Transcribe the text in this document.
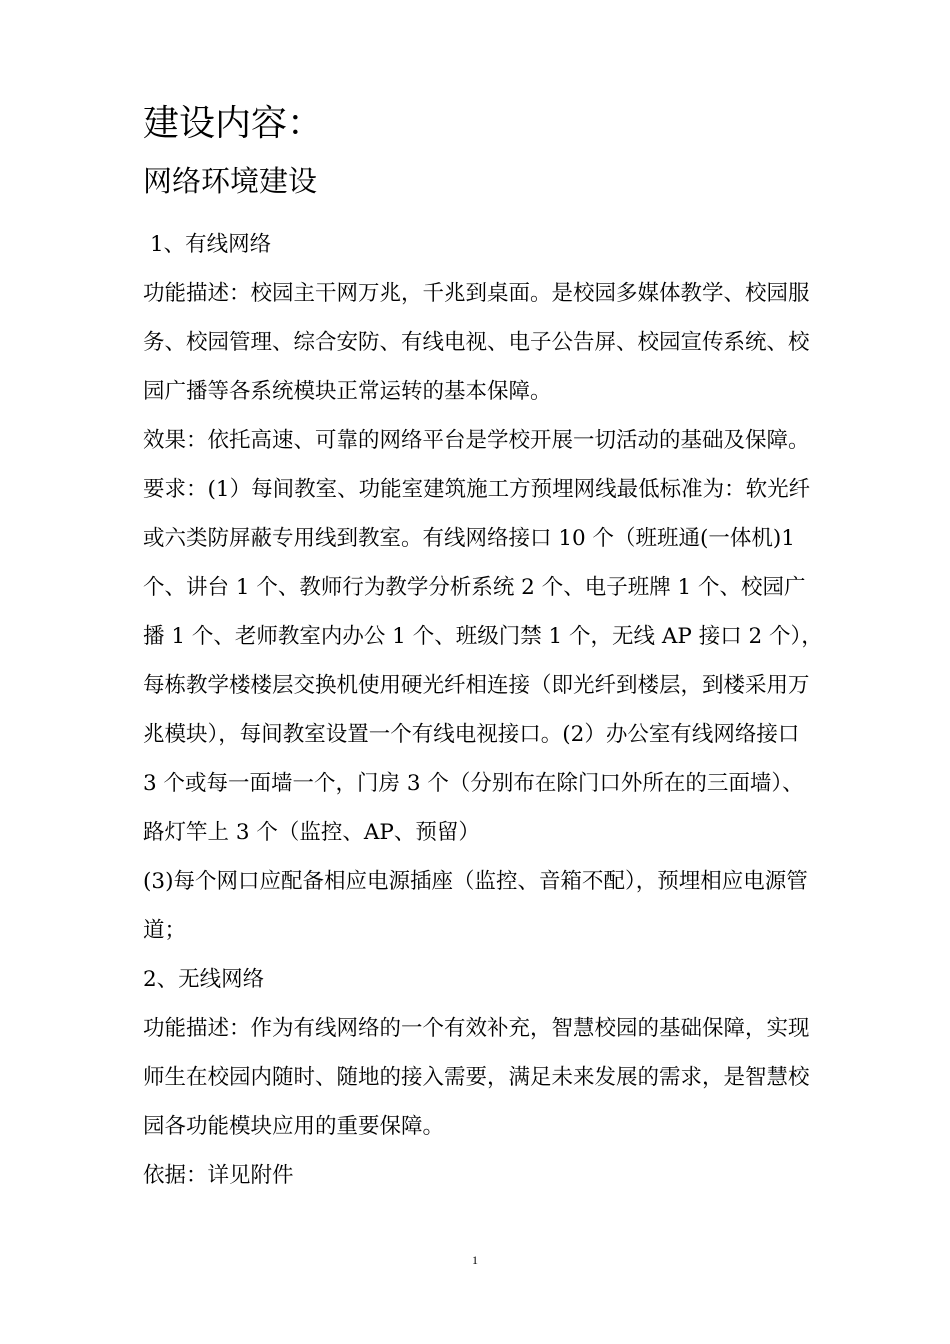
建设内容：
网络环境建设
1、有线网络
功能描述：校园主干网万兆，千兆到桌面。是校园多媒体教学、校园服
务、校园管理、综合安防、有线电视、电子公告屏、校园宣传系统、校
园广播等各系统模块正常运转的基本保障。
效果：依托高速、可靠的网络平台是学校开展一切活动的基础及保障。
要求：(1）每间教室、功能室建筑施工方预埋网线最低标准为：软光纤
或六类防屏蔽专用线到教室。有线网络接口 10 个（班班通(一体机)1
个、讲台 1 个、教师行为教学分析系统 2 个、电子班牌 1 个、校园广
播 1 个、老师教室内办公 1 个、班级门禁 1 个，无线 AP 接口 2 个），
每栋教学楼楼层交换机使用硬光纤相连接（即光纤到楼层，到楼采用万
兆模块），每间教室设置一个有线电视接口。(2）办公室有线网络接口
3 个或每一面墙一个，门房 3 个（分别布在除门口外所在的三面墙）、
路灯竿上 3 个（监控、AP、预留）
(3)每个网口应配备相应电源插座（监控、音箱不配），预埋相应电源管
道；
2、无线网络
功能描述：作为有线网络的一个有效补充，智慧校园的基础保障，实现
师生在校园内随时、随地的接入需要，满足未来发展的需求，是智慧校
园各功能模块应用的重要保障。
依据：详见附件
1
